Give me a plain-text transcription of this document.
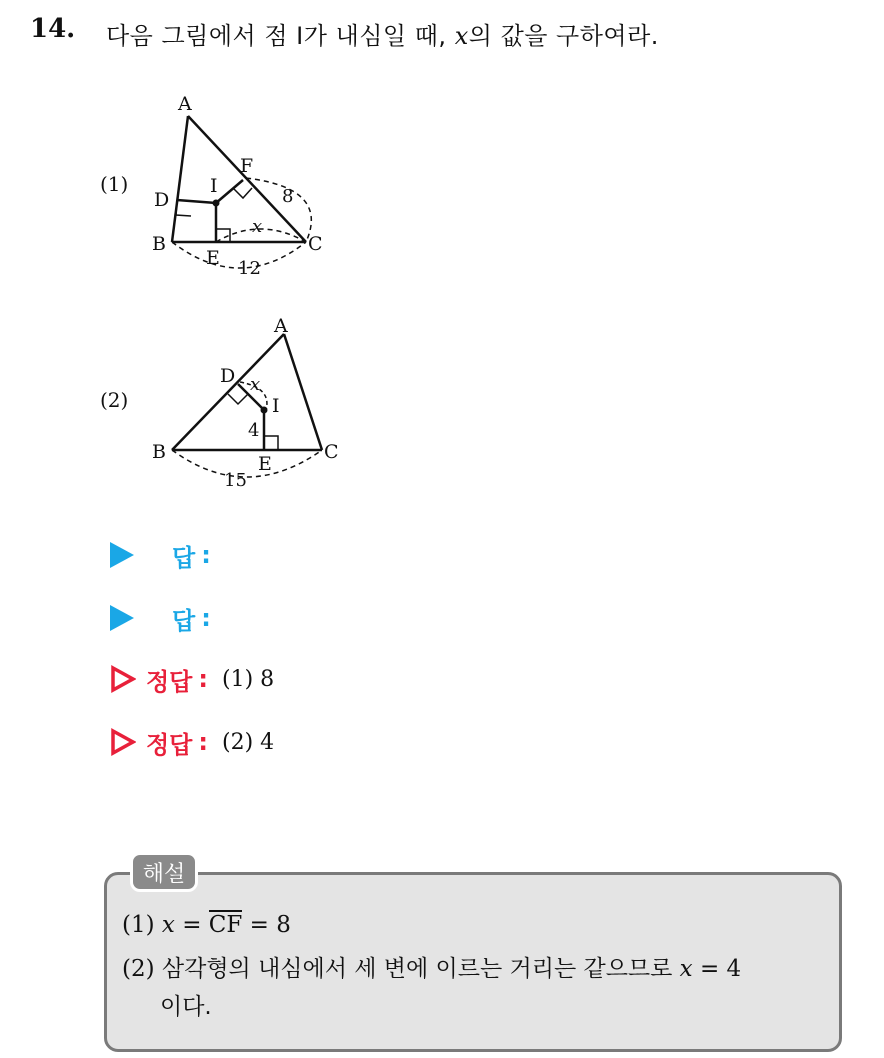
14. 다음 그림에서 점 I가 내심일 때, x의 값을 구하여라.
(1)
A
D
I
F
B
E
C
8
x
12
(2)
A
D x
I
4
B
E
C
15
답 :
답 :
정답 : (1) 8
정답 : (2) 4
해설
(1) x = CF = 8
(2) 삼각형의 내심에서 세 변에 이르는 거리는 같으므로 x = 4
이다.
